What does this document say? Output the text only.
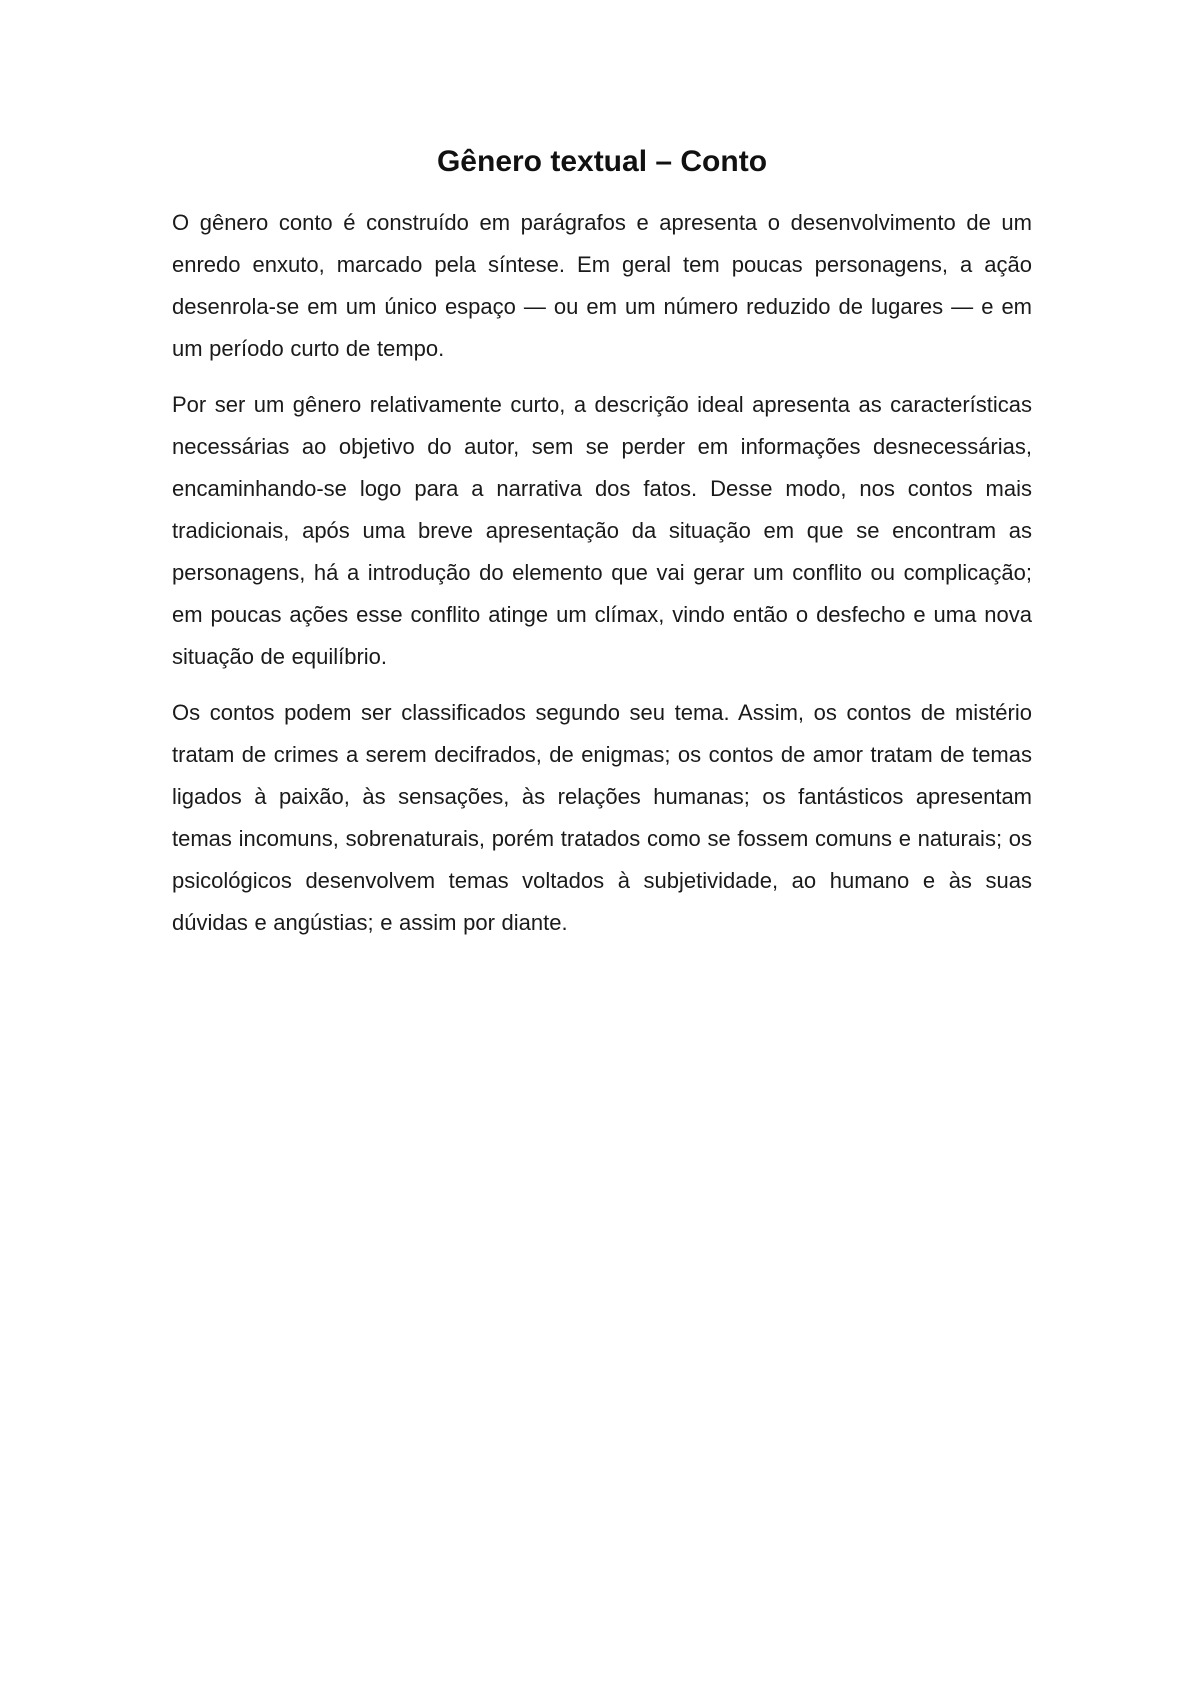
Gênero textual – Conto

O gênero conto é construído em parágrafos e apresenta o desenvolvimento de um enredo enxuto, marcado pela síntese. Em geral tem poucas personagens, a ação desenrola-se em um único espaço — ou em um número reduzido de lugares — e em um período curto de tempo.

Por ser um gênero relativamente curto, a descrição ideal apresenta as características necessárias ao objetivo do autor, sem se perder em informações desnecessárias, encaminhando-se logo para a narrativa dos fatos. Desse modo, nos contos mais tradicionais, após uma breve apresentação da situação em que se encontram as personagens, há a introdução do elemento que vai gerar um conflito ou complicação; em poucas ações esse conflito atinge um clímax, vindo então o desfecho e uma nova situação de equilíbrio.

Os contos podem ser classificados segundo seu tema. Assim, os contos de mistério tratam de crimes a serem decifrados, de enigmas; os contos de amor tratam de temas ligados à paixão, às sensações, às relações humanas; os fantásticos apresentam temas incomuns, sobrenaturais, porém tratados como se fossem comuns e naturais; os psicológicos desenvolvem temas voltados à subjetividade, ao humano e às suas dúvidas e angústias; e assim por diante.
